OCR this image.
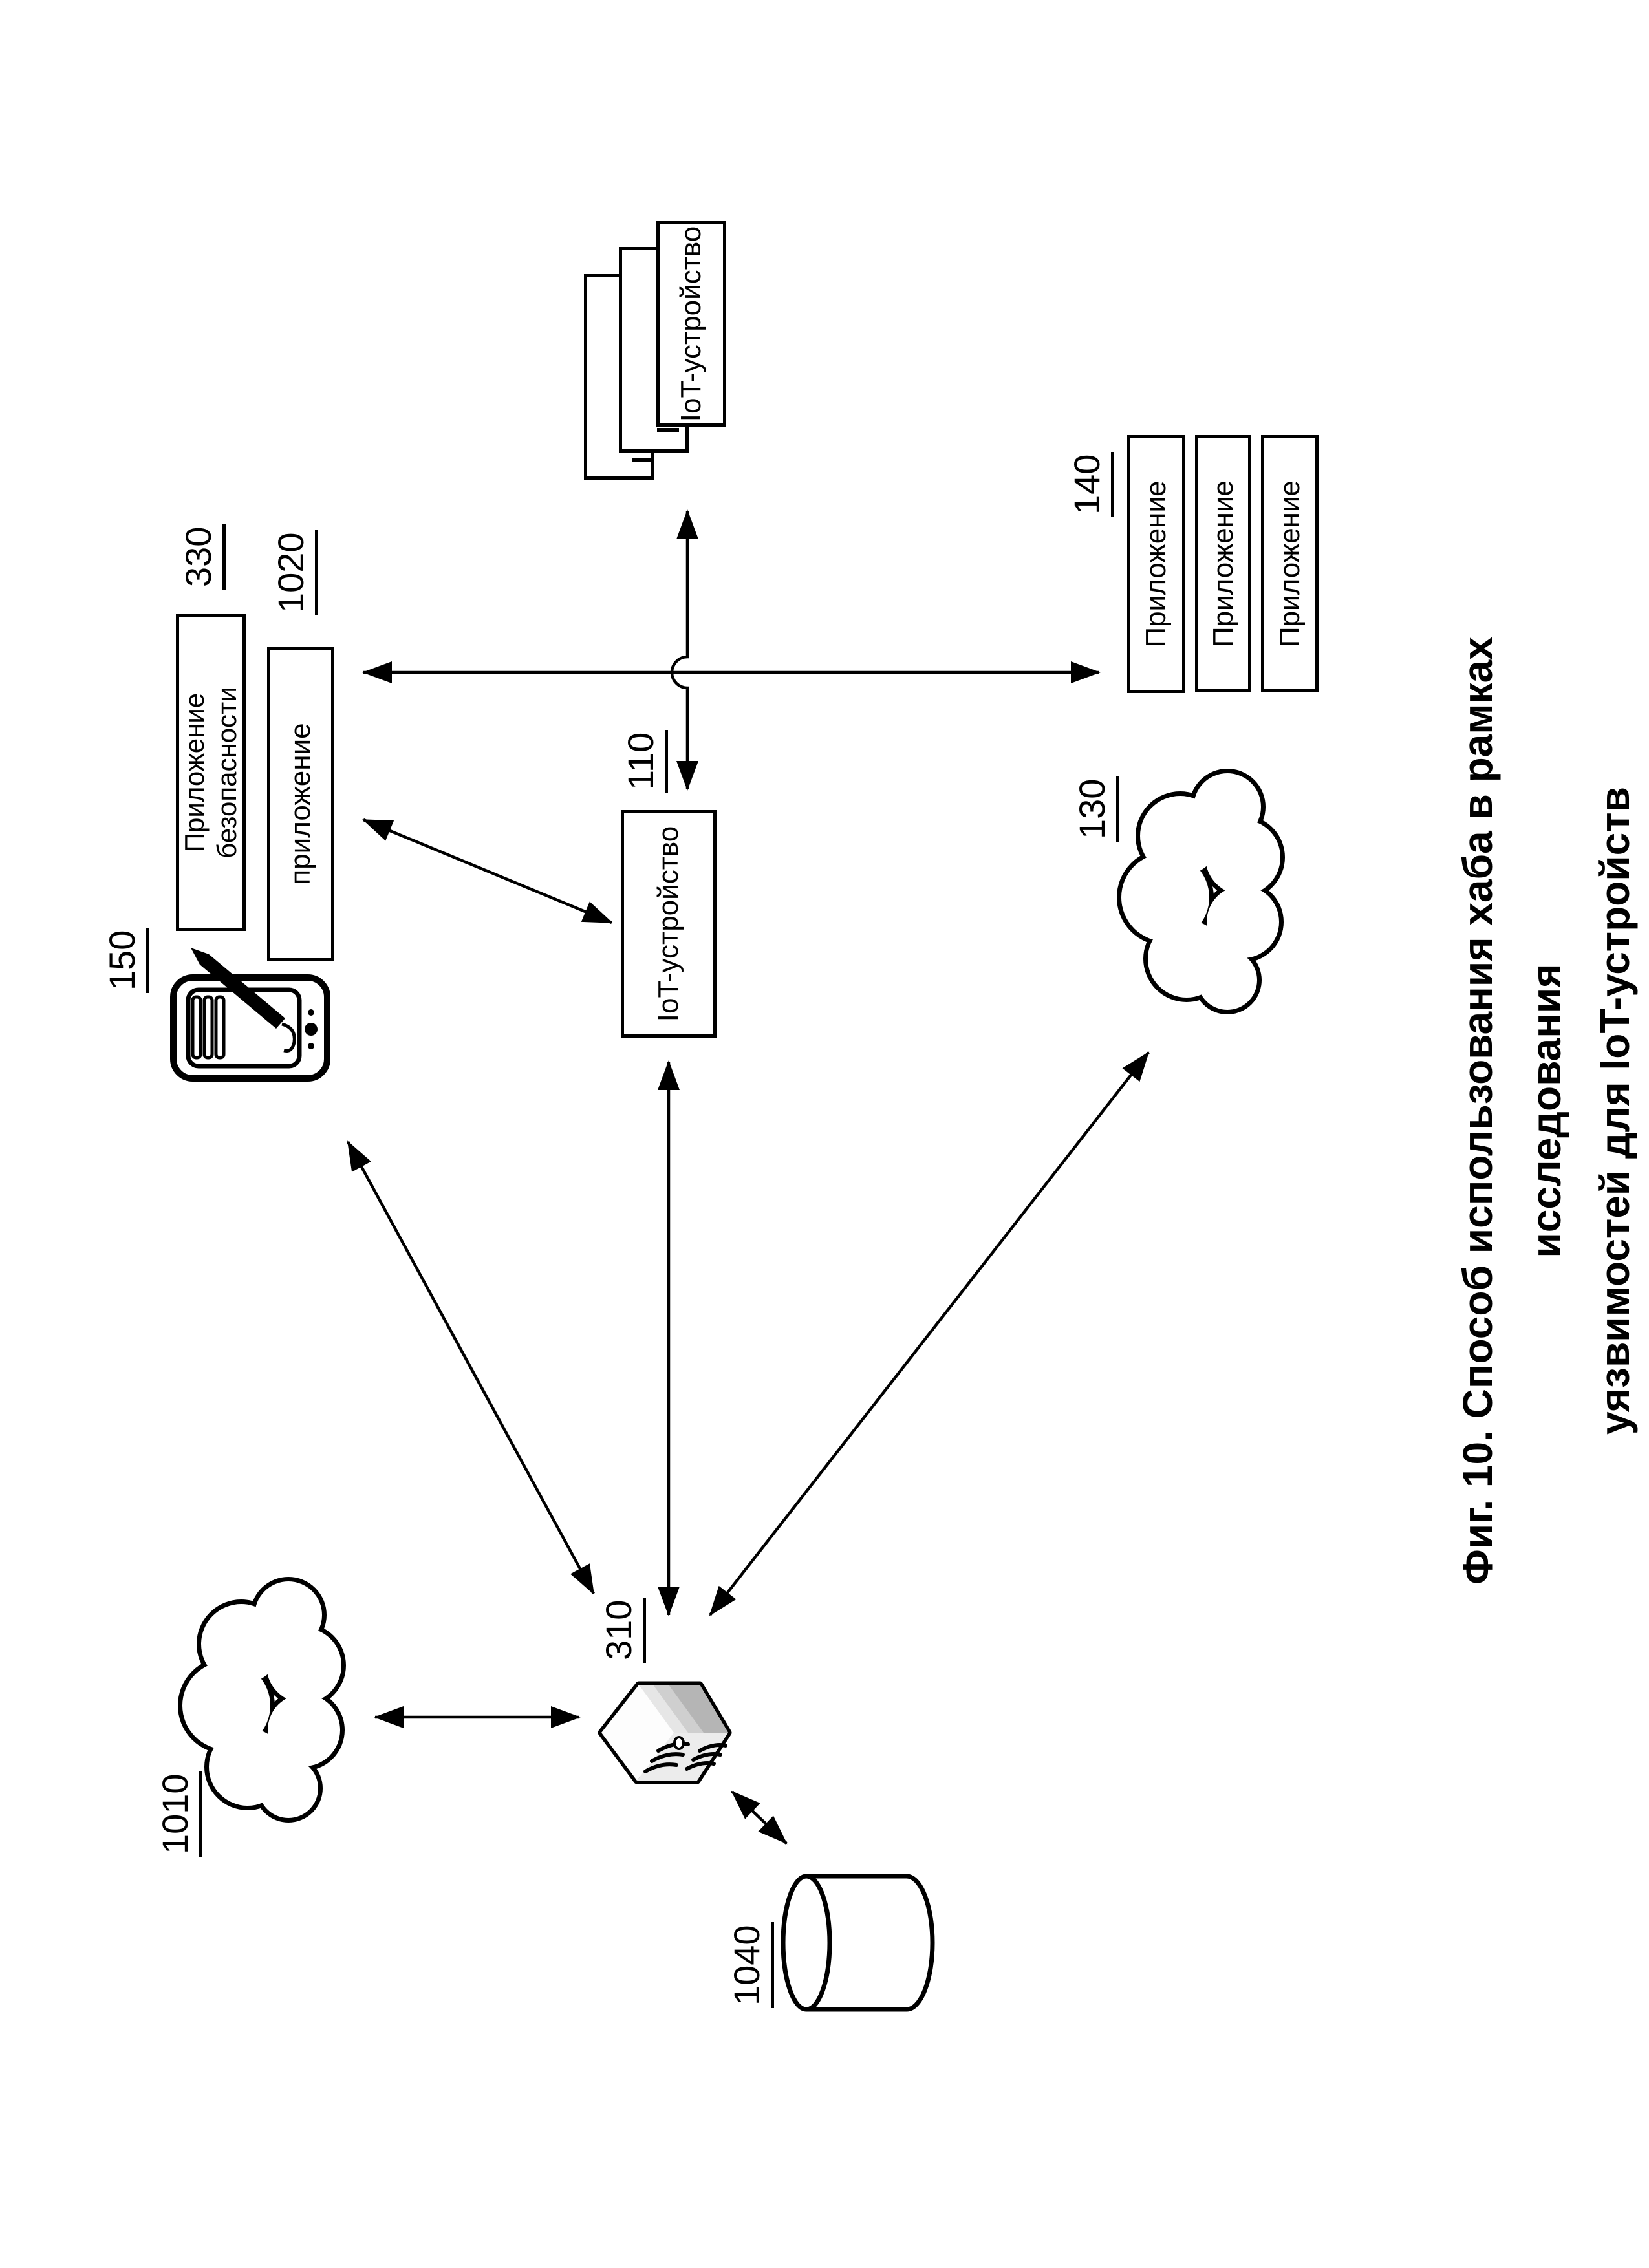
IoT-устройство
IoT-устройство
Приложение безопасности приложение
Приложение Приложение Приложение
330 1020
150
110
140
130
310
1010
1040
Фиг. 10. Способ использования хаба в рамках исследования уязвимостей для IoT-устройств
